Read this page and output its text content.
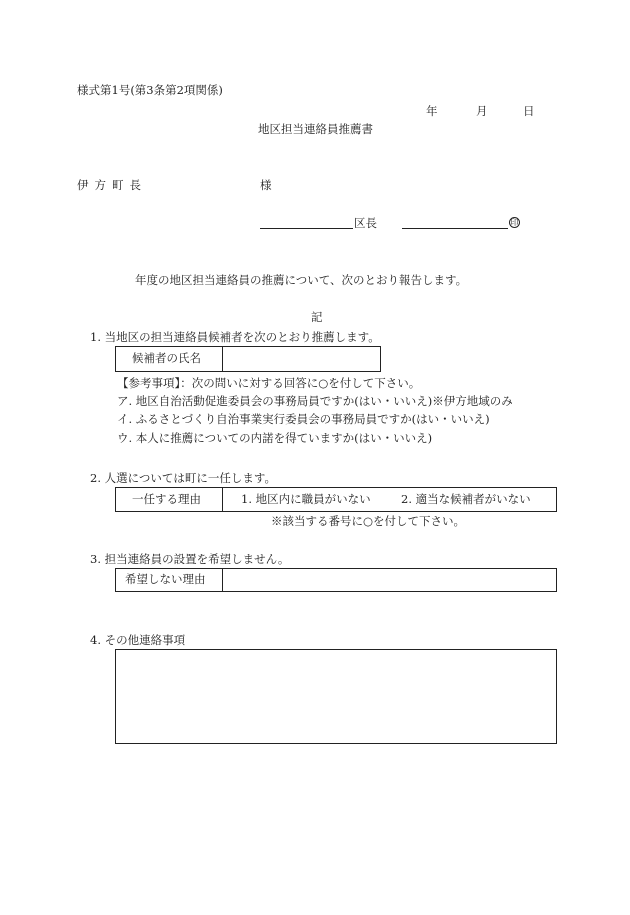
様式第1号(第3条第2項関係)
年	月	日
地区担当連絡員推薦書
伊方町長	様
区長	印
年度の地区担当連絡員の推薦について、次のとおり報告します。
記
1. 当地区の担当連絡員候補者を次のとおり推薦します。
候補者の氏名
【参考事項】：次の問いに対する回答に○を付して下さい。
ア. 地区自治活動促進委員会の事務局員ですか(はい・いいえ)※伊方地域のみ
イ. ふるさとづくり自治事業実行委員会の事務局員ですか(はい・いいえ)
ウ. 本人に推薦についての内諾を得ていますか(はい・いいえ)
2. 人選については町に一任します。
一任する理由	1. 地区内に職員がいない	2. 適当な候補者がいない
※該当する番号に○を付して下さい。
3. 担当連絡員の設置を希望しません。
希望しない理由
4. その他連絡事項
